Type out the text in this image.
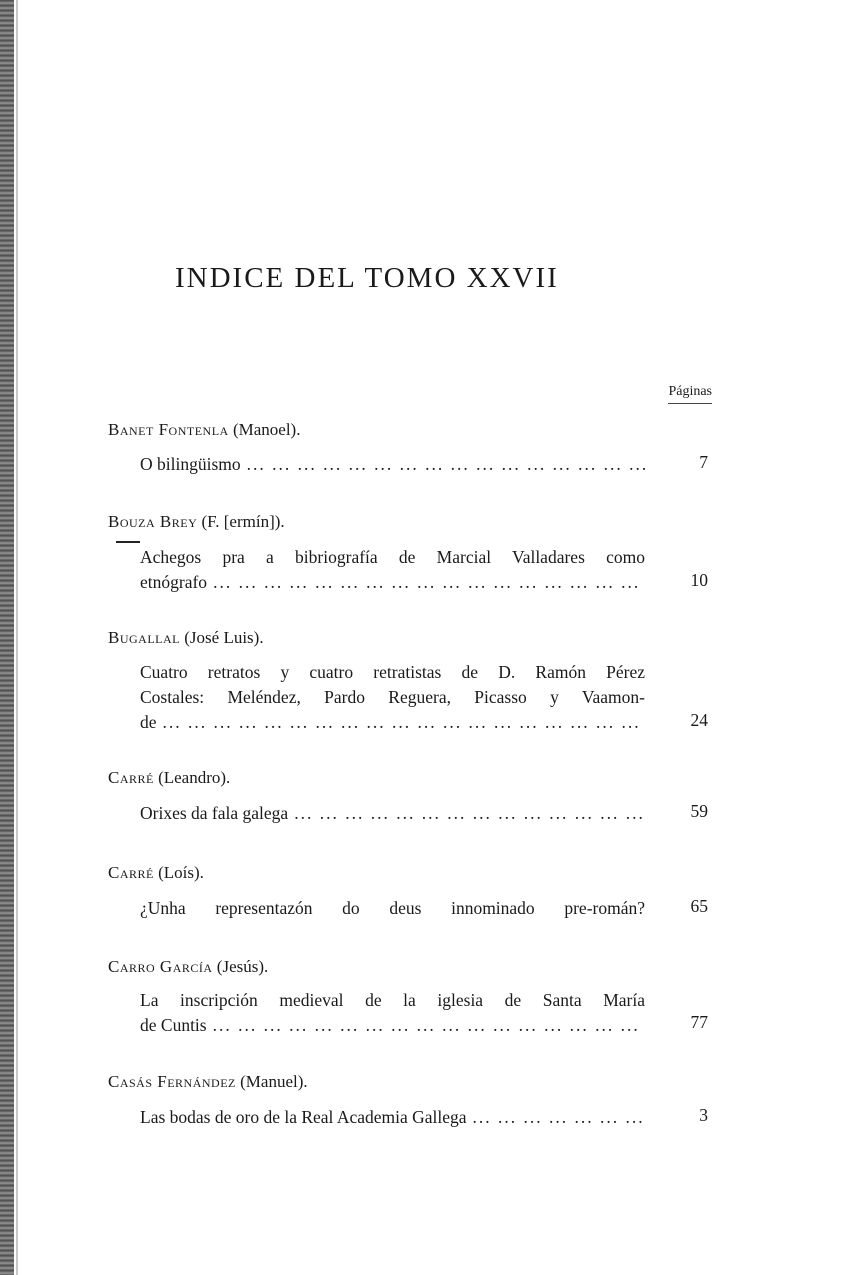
INDICE DEL TOMO XXVII
Páginas
Banet Fontenla (Manoel).
O bilingüismo ... .	7
Bouza Brey (F. [ermín]).
Achegos pra a bibriografía de Marcial Valladares como
etnógrafo ... .	10
Bugallal (José Luis).
Cuatro retratos y cuatro retratistas de D. Ramón Pérez
Costales: Meléndez, Pardo Reguera, Picasso y Vaamon-
de ... .	24
Carré (Leandro).
Orixes da fala galega ... .	59
Carré (Loís).
¿Unha representazón do deus innominado pre-román?	65
Carro García (Jesús).
La inscripción medieval de la iglesia de Santa María
de Cuntis ... .	77
Casás Fernández (Manuel).
Las bodas de oro de la Real Academia Gallega ... .	3
